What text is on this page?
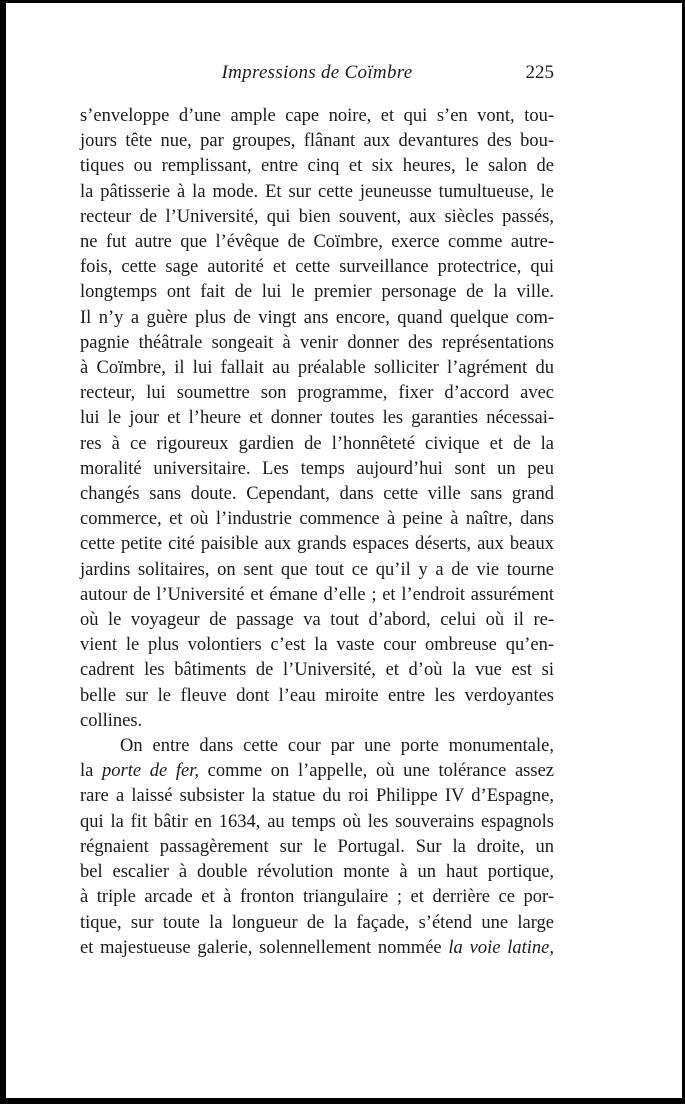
Impressions de Coïmbre	225

s’enveloppe d’une ample cape noire, et qui s’en vont, tou-
jours tête nue, par groupes, flânant aux devantures des bou-
tiques ou remplissant, entre cinq et six heures, le salon de
la pâtisserie à la mode. Et sur cette jeuneusse tumultueuse, le
recteur de l’Université, qui bien souvent, aux siècles passés,
ne fut autre que l’évêque de Coïmbre, exerce comme autre-
fois, cette sage autorité et cette surveillance protectrice, qui
longtemps ont fait de lui le premier personage de la ville.
Il n’y a guère plus de vingt ans encore, quand quelque com-
pagnie théâtrale songeait à venir donner des représentations
à Coïmbre, il lui fallait au préalable solliciter l’agrément du
recteur, lui soumettre son programme, fixer d’accord avec
lui le jour et l’heure et donner toutes les garanties nécessai-
res à ce rigoureux gardien de l’honnêteté civique et de la
moralité universitaire. Les temps aujourd’hui sont un peu
changés sans doute. Cependant, dans cette ville sans grand
commerce, et où l’industrie commence à peine à naître, dans
cette petite cité paisible aux grands espaces déserts, aux beaux
jardins solitaires, on sent que tout ce qu’il y a de vie tourne
autour de l’Université et émane d’elle ; et l’endroit assurément
où le voyageur de passage va tout d’abord, celui où il re-
vient le plus volontiers c’est la vaste cour ombreuse qu’en-
cadrent les bâtiments de l’Université, et d’où la vue est si
belle sur le fleuve dont l’eau miroite entre les verdoyantes
collines.

On entre dans cette cour par une porte monumentale,
la porte de fer, comme on l’appelle, où une tolérance assez
rare a laissé subsister la statue du roi Philippe IV d’Espagne,
qui la fit bâtir en 1634, au temps où les souverains espagnols
régnaient passagèrement sur le Portugal. Sur la droite, un
bel escalier à double révolution monte à un haut portique,
à triple arcade et à fronton triangulaire ; et derrière ce por-
tique, sur toute la longueur de la façade, s’étend une large
et majestueuse galerie, solennellement nommée la voie latine,
